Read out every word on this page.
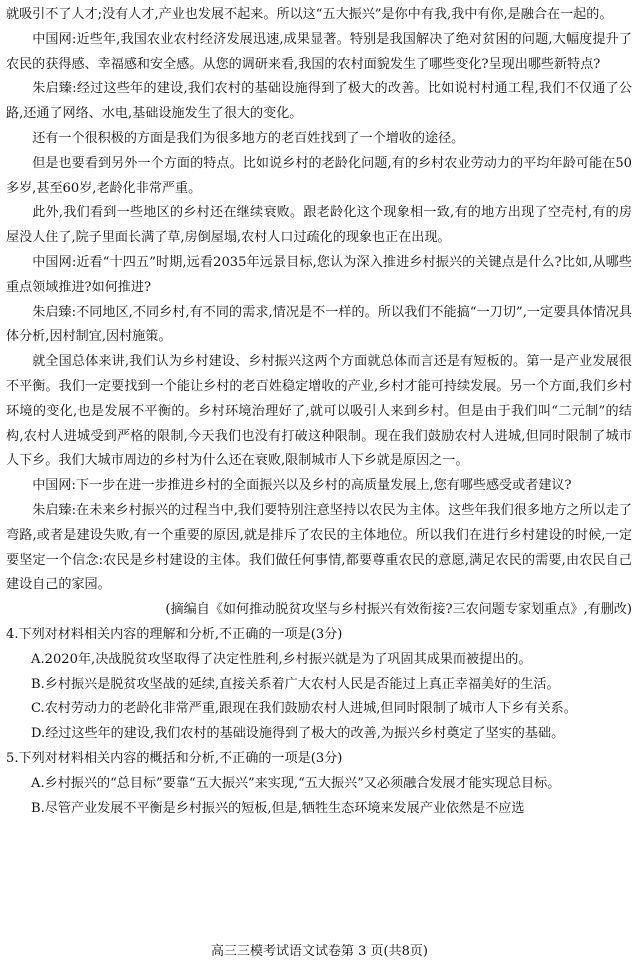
就吸引不了人才;没有人才,产业也发展不起来。所以这“五大振兴”是你中有我,我中有你,是融合在一起的。

中国网:近些年,我国农业农村经济发展迅速,成果显著。特别是我国解决了绝对贫困的问题,大幅度提升了农民的获得感、幸福感和安全感。从您的调研来看,我国的农村面貌发生了哪些变化?呈现出哪些新特点?

朱启臻:经过这些年的建设,我们农村的基础设施得到了极大的改善。比如说村村通工程,我们不仅通了公路,还通了网络、水电,基础设施发生了很大的变化。

还有一个很积极的方面是我们为很多地方的老百姓找到了一个增收的途径。

但是也要看到另外一个方面的特点。比如说乡村的老龄化问题,有的乡村农业劳动力的平均年龄可能在50多岁,甚至60岁,老龄化非常严重。

此外,我们看到一些地区的乡村还在继续衰败。跟老龄化这个现象相一致,有的地方出现了空壳村,有的房屋没人住了,院子里面长满了草,房倒屋塌,农村人口过疏化的现象也正在出现。

中国网:近看“十四五”时期,远看2035年远景目标,您认为深入推进乡村振兴的关键点是什么?比如,从哪些重点领域推进?如何推进?

朱启臻:不同地区,不同乡村,有不同的需求,情况是不一样的。所以我们不能搞“一刀切”,一定要具体情况具体分析,因村制宜,因村施策。

就全国总体来讲,我们认为乡村建设、乡村振兴这两个方面就总体而言还是有短板的。第一是产业发展很不平衡。我们一定要找到一个能让乡村的老百姓稳定增收的产业,乡村才能可持续发展。另一个方面,我们乡村环境的变化,也是发展不平衡的。乡村环境治理好了,就可以吸引人来到乡村。但是由于我们叫“二元制”的结构,农村人进城受到严格的限制,今天我们也没有打破这种限制。现在我们鼓励农村人进城,但同时限制了城市人下乡。我们大城市周边的乡村为什么还在衰败,限制城市人下乡就是原因之一。

中国网:下一步在进一步推进乡村的全面振兴以及乡村的高质量发展上,您有哪些感受或者建议?

朱启臻:在未来乡村振兴的过程当中,我们要特别注意坚持以农民为主体。这些年我们很多地方之所以走了弯路,或者是建设失败,有一个重要的原因,就是排斥了农民的主体地位。所以我们在进行乡村建设的时候,一定要坚定一个信念:农民是乡村建设的主体。我们做任何事情,都要尊重农民的意愿,满足农民的需要,由农民自己建设自己的家园。

(摘编自《如何推动脱贫攻坚与乡村振兴有效衔接?三农问题专家划重点》,有删改)

4.下列对材料相关内容的理解和分析,不正确的一项是(3分)

A.2020年,决战脱贫攻坚取得了决定性胜利,乡村振兴就是为了巩固其成果而被提出的。

B.乡村振兴是脱贫攻坚战的延续,直接关系着广大农村人民是否能过上真正幸福美好的生活。

C.农村劳动力的老龄化非常严重,跟现在我们鼓励农村人进城,但同时限制了城市人下乡有关系。

D.经过这些年的建设,我们农村的基础设施得到了极大的改善,为振兴乡村奠定了坚实的基础。

5.下列对材料相关内容的概括和分析,不正确的一项是(3分)

A.乡村振兴的“总目标”要靠“五大振兴”来实现,“五大振兴”又必须融合发展才能实现总目标。

B.尽管产业发展不平衡是乡村振兴的短板,但是,牺牲生态环境来发展产业依然是不应选

高三三模考试语文试卷第 3 页(共8页)
